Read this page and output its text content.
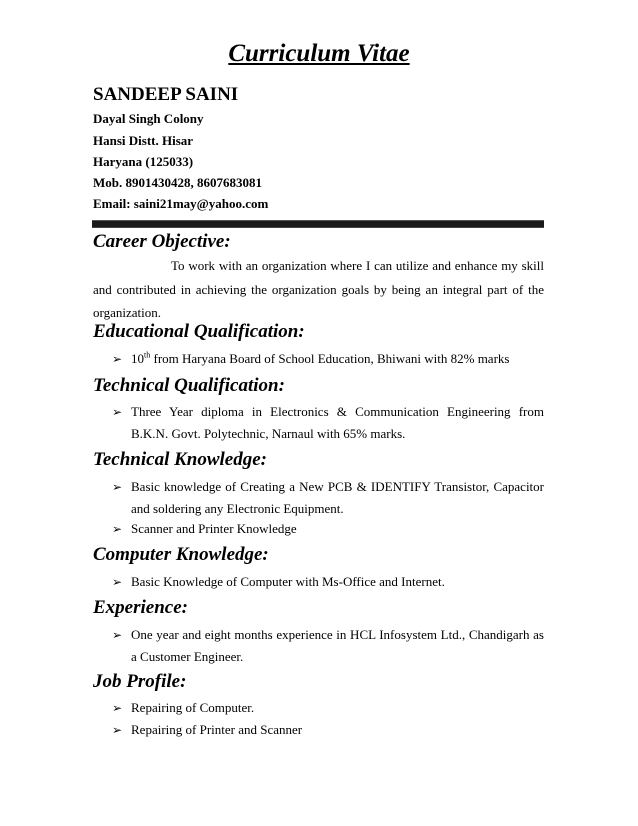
Curriculum Vitae
SANDEEP SAINI
Dayal Singh Colony
Hansi Distt. Hisar
Haryana (125033)
Mob. 8901430428, 8607683081
Email: saini21may@yahoo.com
Career Objective:
To work with an organization where I can utilize and enhance my skill and contributed in achieving the organization goals by being an integral part of the organization.
Educational Qualification:
➢ 10th from Haryana Board of School Education, Bhiwani with 82% marks
Technical Qualification:
➢ Three Year diploma in Electronics & Communication Engineering from B.K.N. Govt. Polytechnic, Narnaul with 65% marks.
Technical Knowledge:
➢ Basic knowledge of Creating a New PCB & IDENTIFY Transistor, Capacitor and soldering any Electronic Equipment.
➢ Scanner and Printer Knowledge
Computer Knowledge:
➢ Basic Knowledge of Computer with Ms-Office and Internet.
Experience:
➢ One year and eight months experience in HCL Infosystem Ltd., Chandigarh as a Customer Engineer.
Job Profile:
➢ Repairing of Computer.
➢ Repairing of Printer and Scanner
